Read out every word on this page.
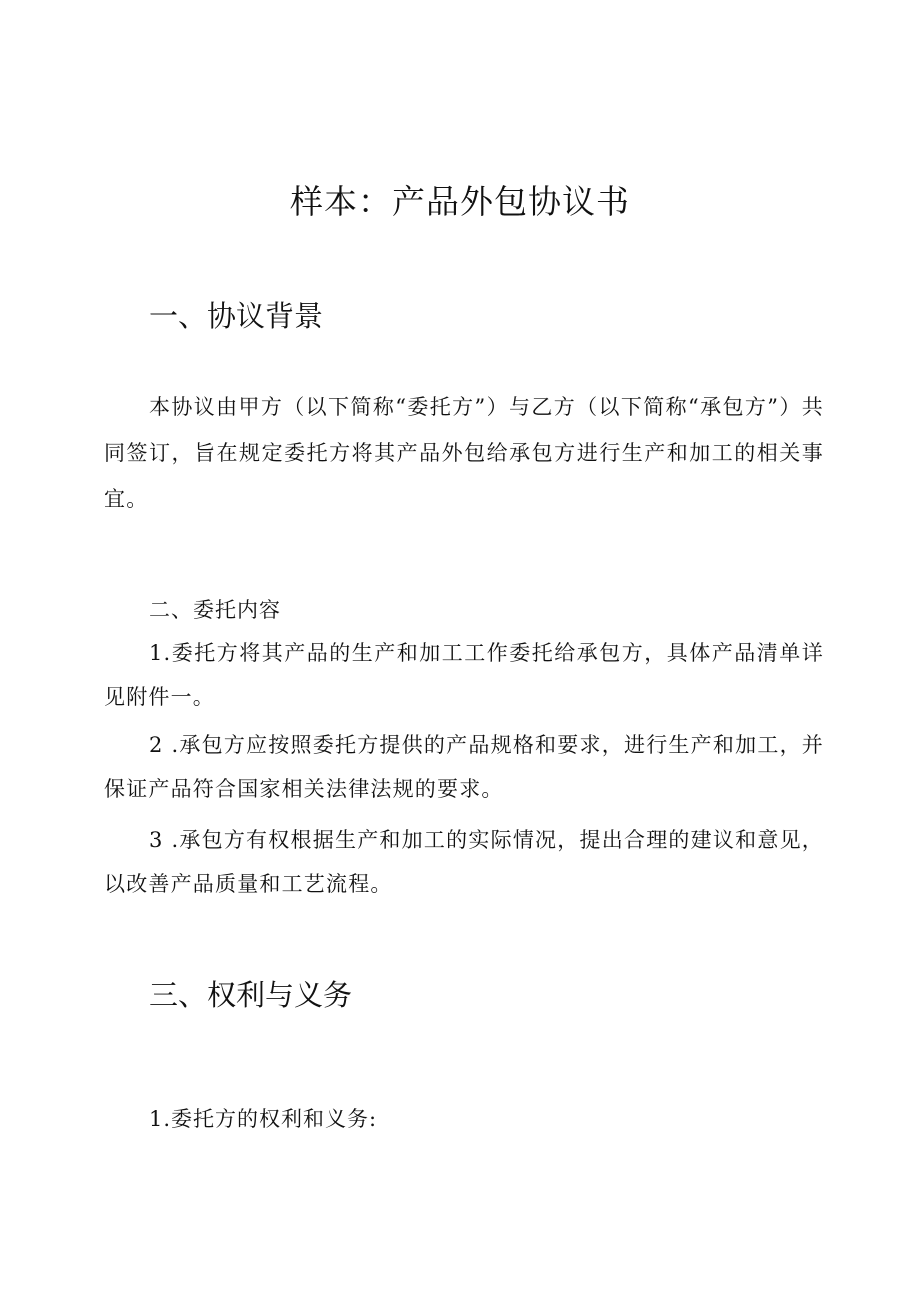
样本：产品外包协议书
一、协议背景

本协议由甲方（以下简称“委托方”）与乙方（以下简称“承包方”）共同签订，旨在规定委托方将其产品外包给承包方进行生产和加工的相关事宜。

二、委托内容

1.委托方将其产品的生产和加工工作委托给承包方，具体产品清单详见附件一。

2 .承包方应按照委托方提供的产品规格和要求，进行生产和加工，并保证产品符合国家相关法律法规的要求。

3 .承包方有权根据生产和加工的实际情况，提出合理的建议和意见，以改善产品质量和工艺流程。

三、权利与义务

1.委托方的权利和义务:
